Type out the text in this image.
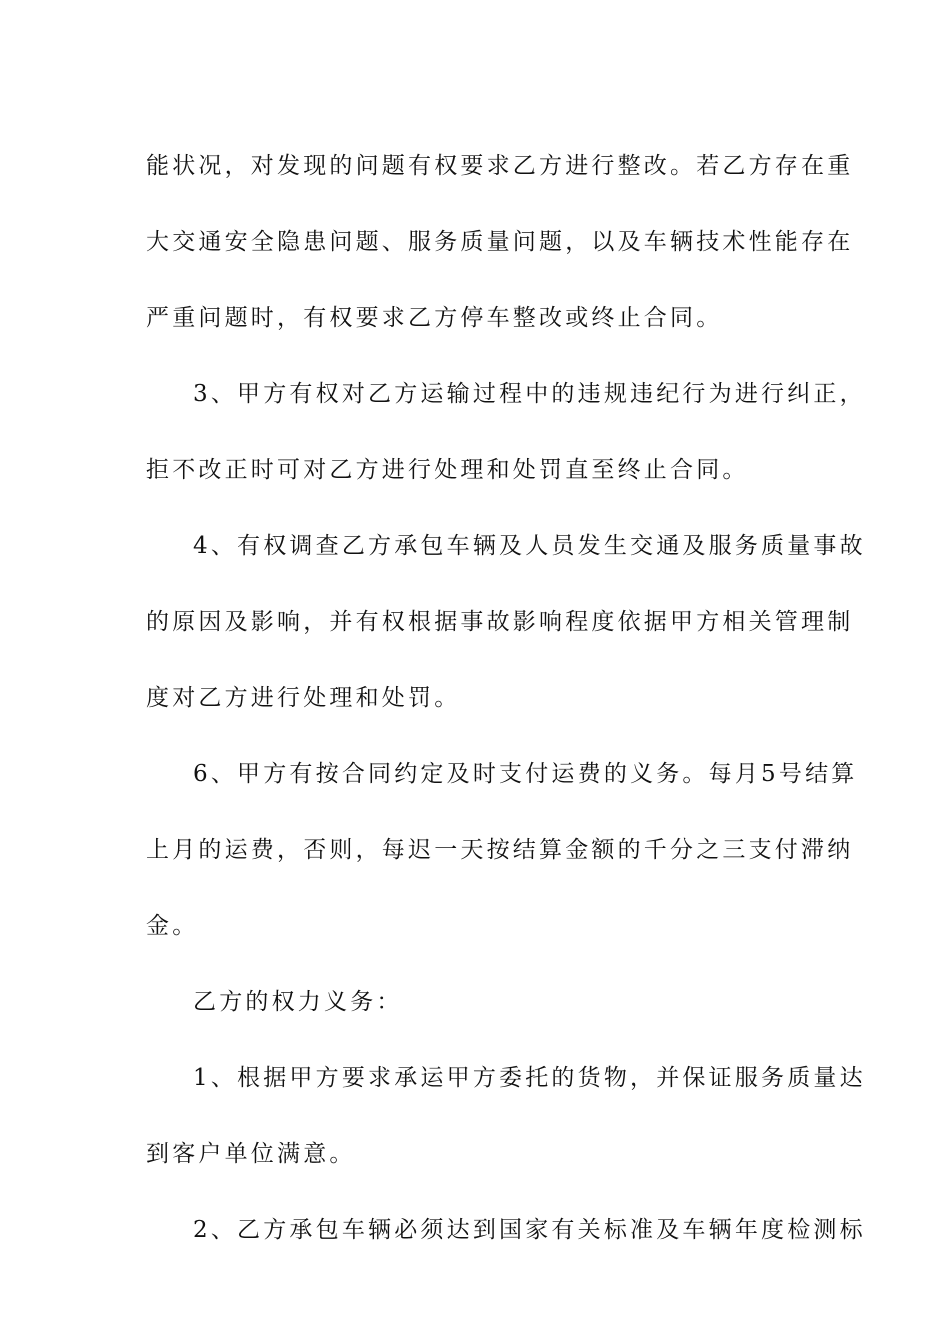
能状况，对发现的问题有权要求乙方进行整改。若乙方存在重

大交通安全隐患问题、服务质量问题，以及车辆技术性能存在

严重问题时，有权要求乙方停车整改或终止合同。

3、甲方有权对乙方运输过程中的违规违纪行为进行纠正，

拒不改正时可对乙方进行处理和处罚直至终止合同。

4、有权调查乙方承包车辆及人员发生交通及服务质量事故

的原因及影响，并有权根据事故影响程度依据甲方相关管理制

度对乙方进行处理和处罚。

6、甲方有按合同约定及时支付运费的义务。每月5号结算

上月的运费，否则，每迟一天按结算金额的千分之三支付滞纳

金。

乙方的权力义务：

1、根据甲方要求承运甲方委托的货物，并保证服务质量达

到客户单位满意。

2、乙方承包车辆必须达到国家有关标准及车辆年度检测标
